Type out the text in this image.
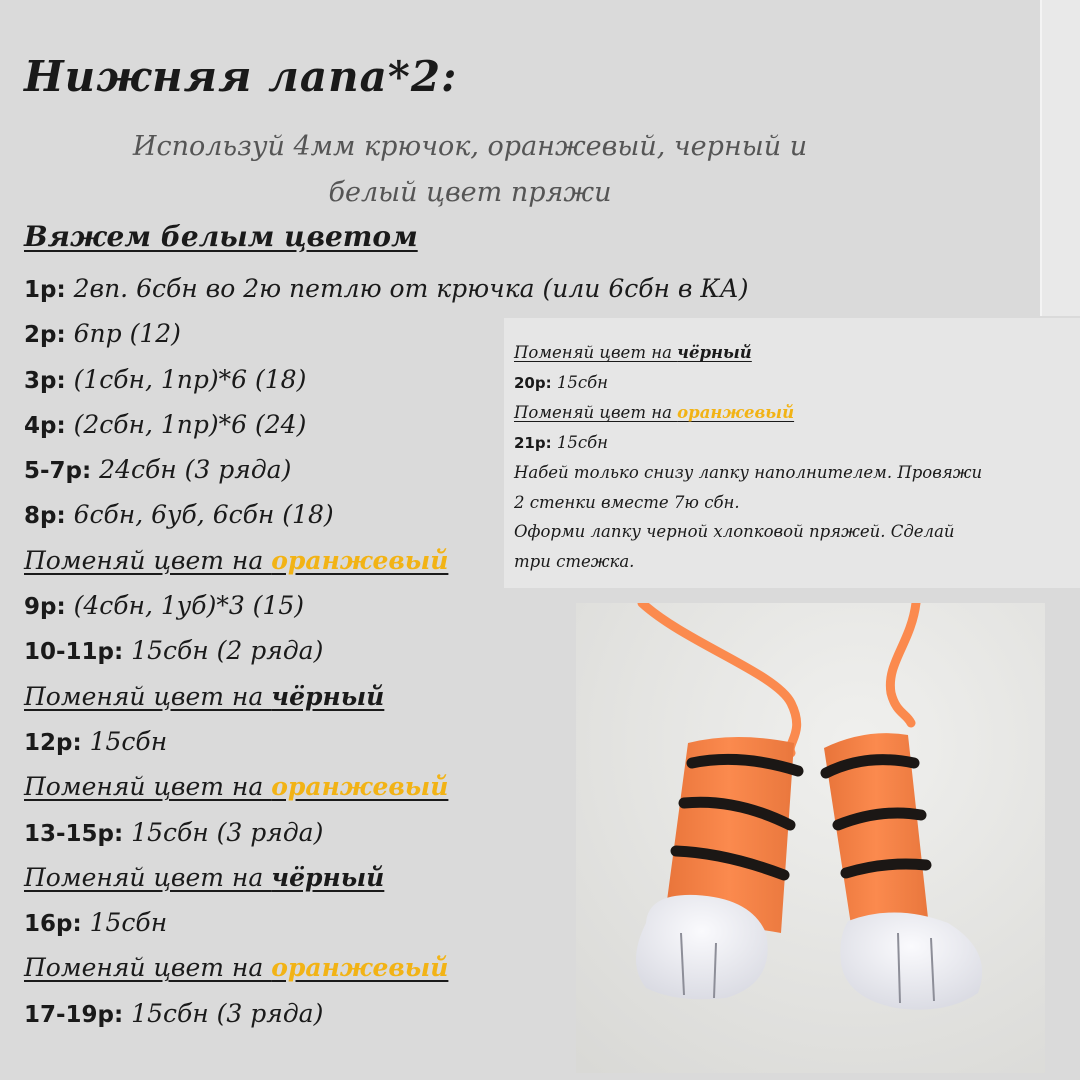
Нижняя лапа*2:
Используй 4мм крючок, оранжевый, черный и
белый цвет пряжи
Вяжем белым цветом
1р: 2вп. 6сбн во 2ю петлю от крючка (или 6сбн в КА)
2р: 6пр (12)
3р: (1сбн, 1пр)*6 (18)
4р: (2сбн, 1пр)*6 (24)
5-7р: 24сбн (3 ряда)
8р: 6сбн, 6уб, 6сбн (18)
Поменяй цвет на оранжевый
9р: (4сбн, 1уб)*3 (15)
10-11р: 15сбн (2 ряда)
Поменяй цвет на чёрный
12р: 15сбн
Поменяй цвет на оранжевый
13-15р: 15сбн (3 ряда)
Поменяй цвет на чёрный
16р: 15сбн
Поменяй цвет на оранжевый
17-19р: 15сбн (3 ряда)
Поменяй цвет на чёрный
20р: 15сбн
Поменяй цвет на оранжевый
21р: 15сбн
Набей только снизу лапку наполнителем. Провяжи
2 стенки вместе 7ю сбн.
Оформи лапку черной хлопковой пряжей. Сделай
три стежка.
